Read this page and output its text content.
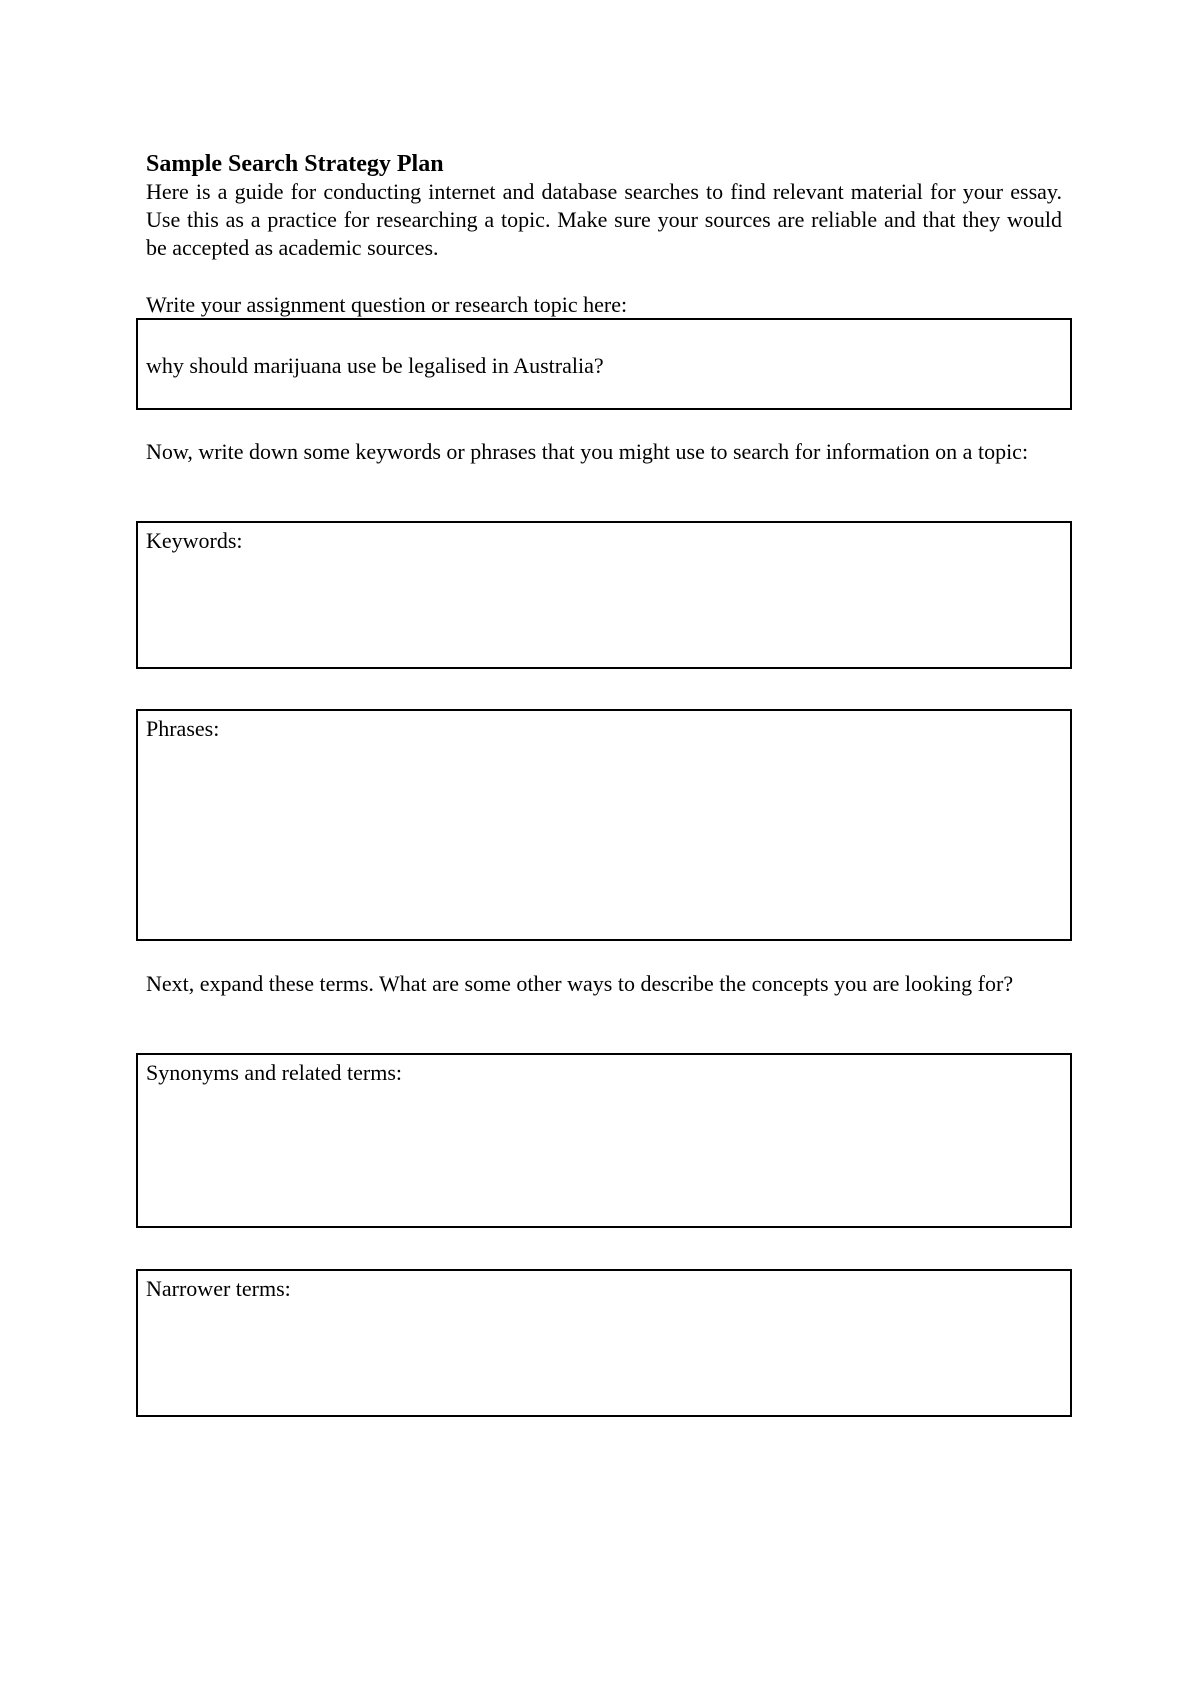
Sample Search Strategy Plan
Here is a guide for conducting internet and database searches to find relevant material for your essay. Use this as a practice for researching a topic. Make sure your sources are reliable and that they would be accepted as academic sources.
Write your assignment question or research topic here:
why should marijuana use be legalised in Australia?
Now, write down some keywords or phrases that you might use to search for information on a topic:
Keywords:
Phrases:
Next, expand these terms. What are some other ways to describe the concepts you are looking for?
Synonyms and related terms:
Narrower terms:
